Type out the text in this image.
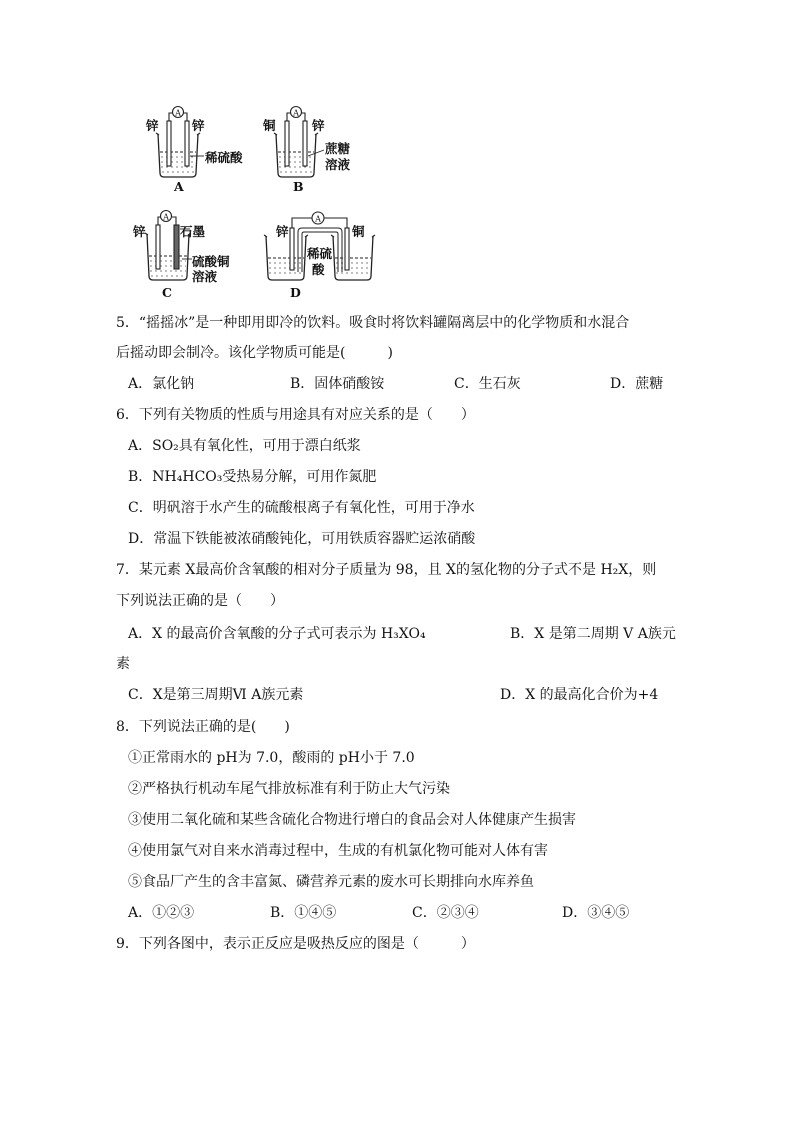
A	A
A	A
锌	锌
稀硫酸
A
铜	锌
蔗糖
溶液
B
锌	石墨
硫酸铜
溶液
C
锌	铜
稀硫
酸
D
5．“摇摇冰”是一种即用即冷的饮料。吸食时将饮料罐隔离层中的化学物质和水混合
后摇动即会制冷。该化学物质可能是(　　　)
A．氯化钠	B．固体硝酸铵	C．生石灰	D．蔗糖
6．下列有关物质的性质与用途具有对应关系的是（　　）
A．SO₂具有氧化性，可用于漂白纸浆
B．NH₄HCO₃受热易分解，可用作氮肥
C．明矾溶于水产生的硫酸根离子有氧化性，可用于净水
D．常温下铁能被浓硝酸钝化，可用铁质容器贮运浓硝酸
7．某元素 X最高价含氧酸的相对分子质量为 98，且 X的氢化物的分子式不是 H₂X，则
下列说法正确的是（　　）
A．X 的最高价含氧酸的分子式可表示为 H₃XO₄	B．X 是第二周期 Ⅴ A族元
素
C．X是第三周期Ⅵ A族元素	D．X 的最高化合价为+4
8．下列说法正确的是(　　)
①正常雨水的 pH为 7.0，酸雨的 pH小于 7.0
②严格执行机动车尾气排放标准有利于防止大气污染
③使用二氧化硫和某些含硫化合物进行增白的食品会对人体健康产生损害
④使用氯气对自来水消毒过程中，生成的有机氯化物可能对人体有害
⑤食品厂产生的含丰富氮、磷营养元素的废水可长期排向水库养鱼
A．①②③	B．①④⑤	C．②③④	D．③④⑤
9．下列各图中，表示正反应是吸热反应的图是（　　　）
